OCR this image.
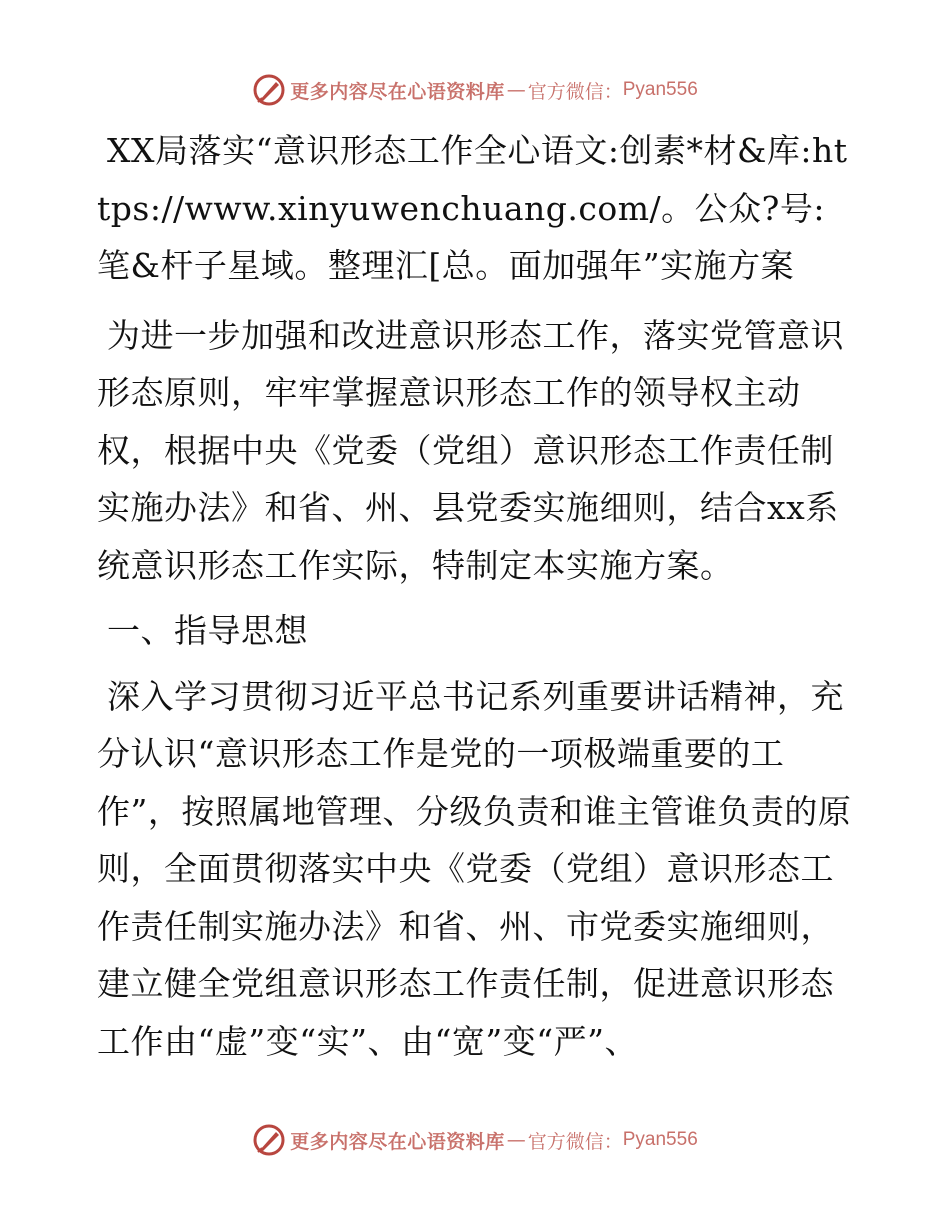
更多内容尽在心语资料库 — 官方微信： Pyan556

XX局落实“意识形态工作全心语文:创素*材&库:https://www.xinyuwenchuang.com/。公众?号: 笔&杆子星域。整理汇[总。面加强年”实施方案

为进一步加强和改进意识形态工作，落实党管意识形态原则，牢牢掌握意识形态工作的领导权主动权，根据中央《党委（党组）意识形态工作责任制实施办法》和省、州、县党委实施细则，结合xx系统意识形态工作实际，特制定本实施方案。

一、指导思想

深入学习贯彻习近平总书记系列重要讲话精神，充分认识“意识形态工作是党的一项极端重要的工作”，按照属地管理、分级负责和谁主管谁负责的原则，全面贯彻落实中央《党委（党组）意识形态工作责任制实施办法》和省、州、市党委实施细则，建立健全党组意识形态工作责任制，促进意识形态工作由“虚”变“实”、由“宽”变“严”、

更多内容尽在心语资料库 — 官方微信： Pyan556
